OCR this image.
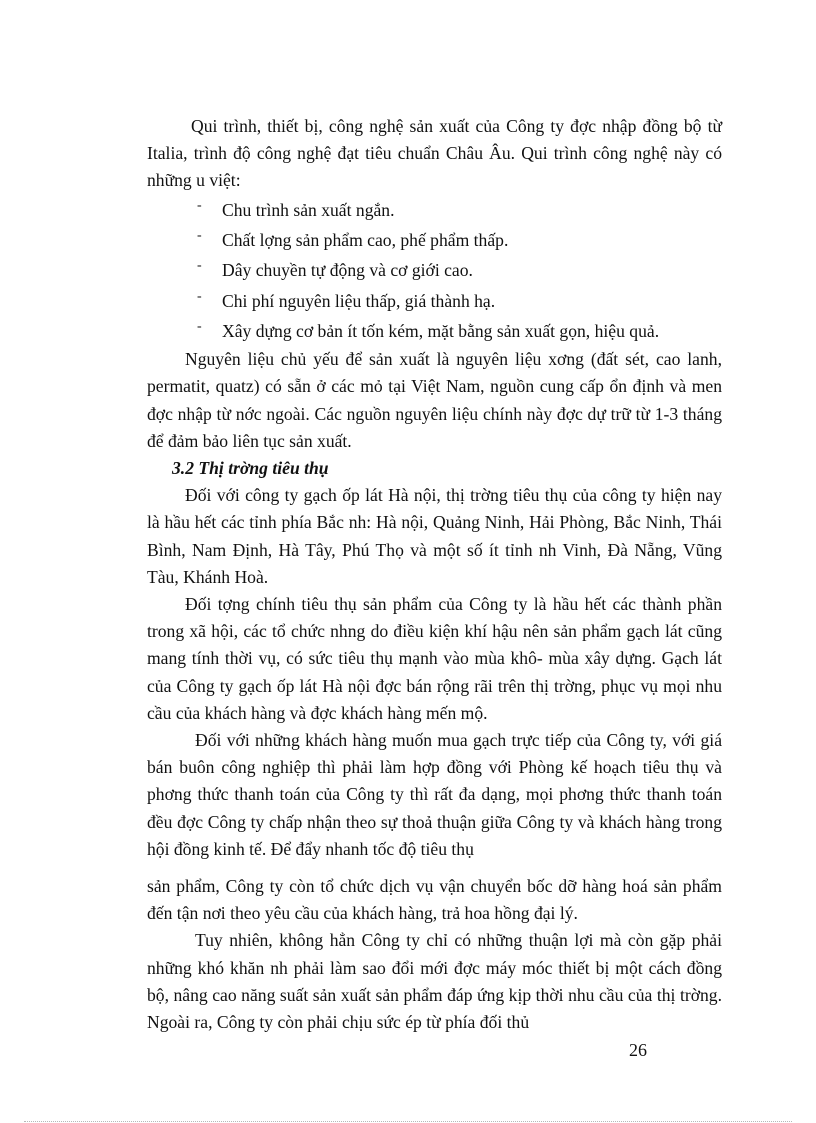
Qui trình, thiết bị, công nghệ sản xuất của Công ty đợc nhập đồng bộ từ Italia, trình độ công nghệ đạt tiêu chuẩn Châu Âu. Qui trình công nghệ này có những u việt:

- Chu trình sản xuất ngắn.
- Chất lợng sản phẩm cao, phế phẩm thấp.
- Dây chuyền tự động và cơ giới cao.
- Chi phí nguyên liệu thấp, giá thành hạ.
- Xây dựng cơ bản ít tốn kém, mặt bằng sản xuất gọn, hiệu quả.

Nguyên liệu chủ yếu để sản xuất là nguyên liệu xơng (đất sét, cao lanh, permatit, quatz) có sẵn ở các mỏ tại Việt Nam, nguồn cung cấp ổn định và men đợc nhập từ nớc ngoài. Các nguồn nguyên liệu chính này đợc dự trữ từ 1-3 tháng để đảm bảo liên tục sản xuất.

3.2 Thị trờng tiêu thụ

Đối với công ty gạch ốp lát Hà nội, thị trờng tiêu thụ của công ty hiện nay là hầu hết các tỉnh phía Bắc nh: Hà nội, Quảng Ninh, Hải Phòng, Bắc Ninh, Thái Bình, Nam Định, Hà Tây, Phú Thọ và một số ít tỉnh nh Vinh, Đà Nẵng, Vũng Tàu, Khánh Hoà.

Đối tợng chính tiêu thụ sản phẩm của Công ty là hầu hết các thành phần trong xã hội, các tổ chức nhng do điều kiện khí hậu nên sản phẩm gạch lát cũng mang tính thời vụ, có sức tiêu thụ mạnh vào mùa khô- mùa xây dựng. Gạch lát của Công ty gạch ốp lát Hà nội đợc bán rộng rãi trên thị trờng, phục vụ mọi nhu cầu của khách hàng và đợc khách hàng mến mộ.

Đối với những khách hàng muốn mua gạch trực tiếp của Công ty, với giá bán buôn công nghiệp thì phải làm hợp đồng với Phòng kế hoạch tiêu thụ và phơng thức thanh toán của Công ty thì rất đa dạng, mọi phơng thức thanh toán đều đợc Công ty chấp nhận theo sự thoả thuận giữa Công ty và khách hàng trong hội đồng kinh tế. Để đẩy nhanh tốc độ tiêu thụ

sản phẩm, Công ty còn tổ chức dịch vụ vận chuyển bốc dỡ hàng hoá sản phẩm đến tận nơi theo yêu cầu của khách hàng, trả hoa hồng đại lý.

Tuy nhiên, không hẳn Công ty chỉ có những thuận lợi mà còn gặp phải những khó khăn nh phải làm sao đổi mới đợc máy móc thiết bị một cách đồng bộ, nâng cao năng suất sản xuất sản phẩm đáp ứng kịp thời nhu cầu của thị trờng. Ngoài ra, Công ty còn phải chịu sức ép từ phía đối thủ

26
